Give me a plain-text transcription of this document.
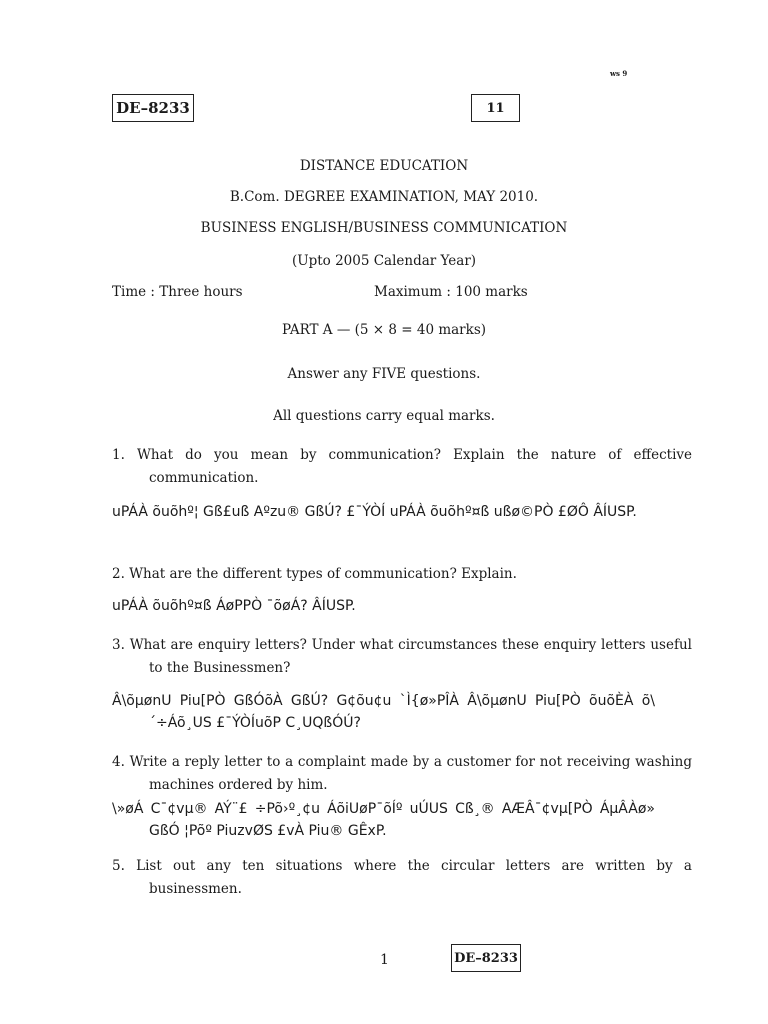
ws 9
DE–8233	11
DISTANCE EDUCATION
B.Com. DEGREE EXAMINATION, MAY 2010.
BUSINESS ENGLISH/BUSINESS COMMUNICATION
(Upto 2005 Calendar Year)
Time : Three hours	Maximum : 100 marks
PART A — (5 × 8 = 40 marks)
Answer any FIVE questions.
All questions carry equal marks.
1. What do you mean by communication? Explain the nature of effective communication.
uPÁÀ õuõhº¦ Gß£uß Aºzu® GßÚ? £¯ÝÒÍ uPÁÀ õuõhº¤ß ußø©PÒ £ØÔ ÂÍUSP.
2. What are the different types of communication? Explain.
uPÁÀ õuõhº¤ß ÁøPPÒ ¯õøÁ? ÂÍUSP.
3. What are enquiry letters? Under what circumstances these enquiry letters useful to the Businessmen?
Â\õµønU Piu[PÒ GßÓõÀ GßÚ? G¢õu¢u `Ì{ø»PÎÀ Â\õµønU Piu[PÒ õuõÈÀ õ\´÷Áõ¸US £¯ÝÒÍuõP C¸UQßÓÚ?
4. Write a reply letter to a complaint made by a customer for not receiving washing machines ordered by him.
\»øÁ C¯¢vµ® AÝ¨£ ÷Põ›º¸¢u ÁõiUøP¯õÍº uÚUS Cß¸® AÆÂ¯¢vµ[PÒ ÁµÂÀø» GßÓ ¦Põº PiuzvØS £vÀ Piu® GÊxP.
5. List out any ten situations where the circular letters are written by a businessmen.
1	DE–8233
